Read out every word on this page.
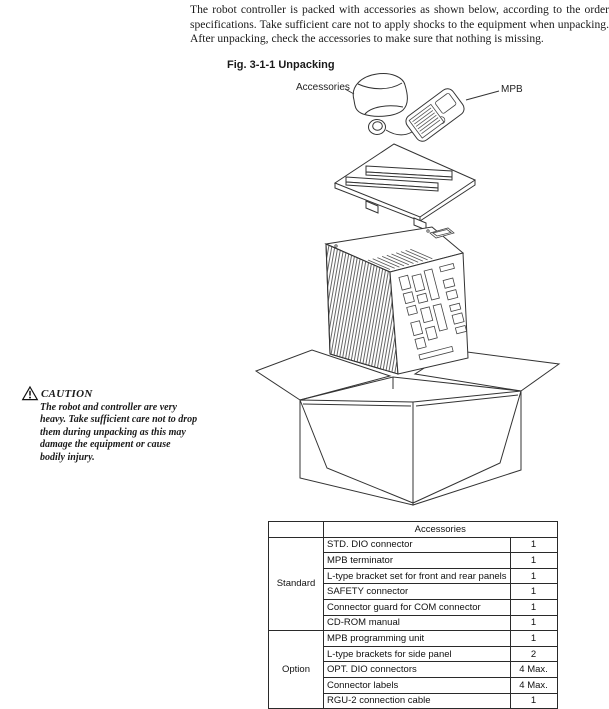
The robot controller is packed with accessories as shown below, according to the order specifications. Take sufficient care not to apply shocks to the equipment when unpacking. After unpacking, check the accessories to make sure that nothing is missing.
Fig. 3-1-1 Unpacking
Accessories	MPB
CAUTION
The robot and controller are very heavy. Take sufficient care not to drop them during unpacking as this may damage the equipment or cause bodily injury.
	Accessories	
Standard	STD. DIO connector	1
	MPB terminator	1
	L-type bracket set for front and rear panels	1
	SAFETY connector	1
	Connector guard for COM connector	1
	CD-ROM manual	1
Option	MPB programming unit	1
	L-type brackets for side panel	2
	OPT. DIO connectors	4 Max.
	Connector labels	4 Max.
	RGU-2 connection cable	1
